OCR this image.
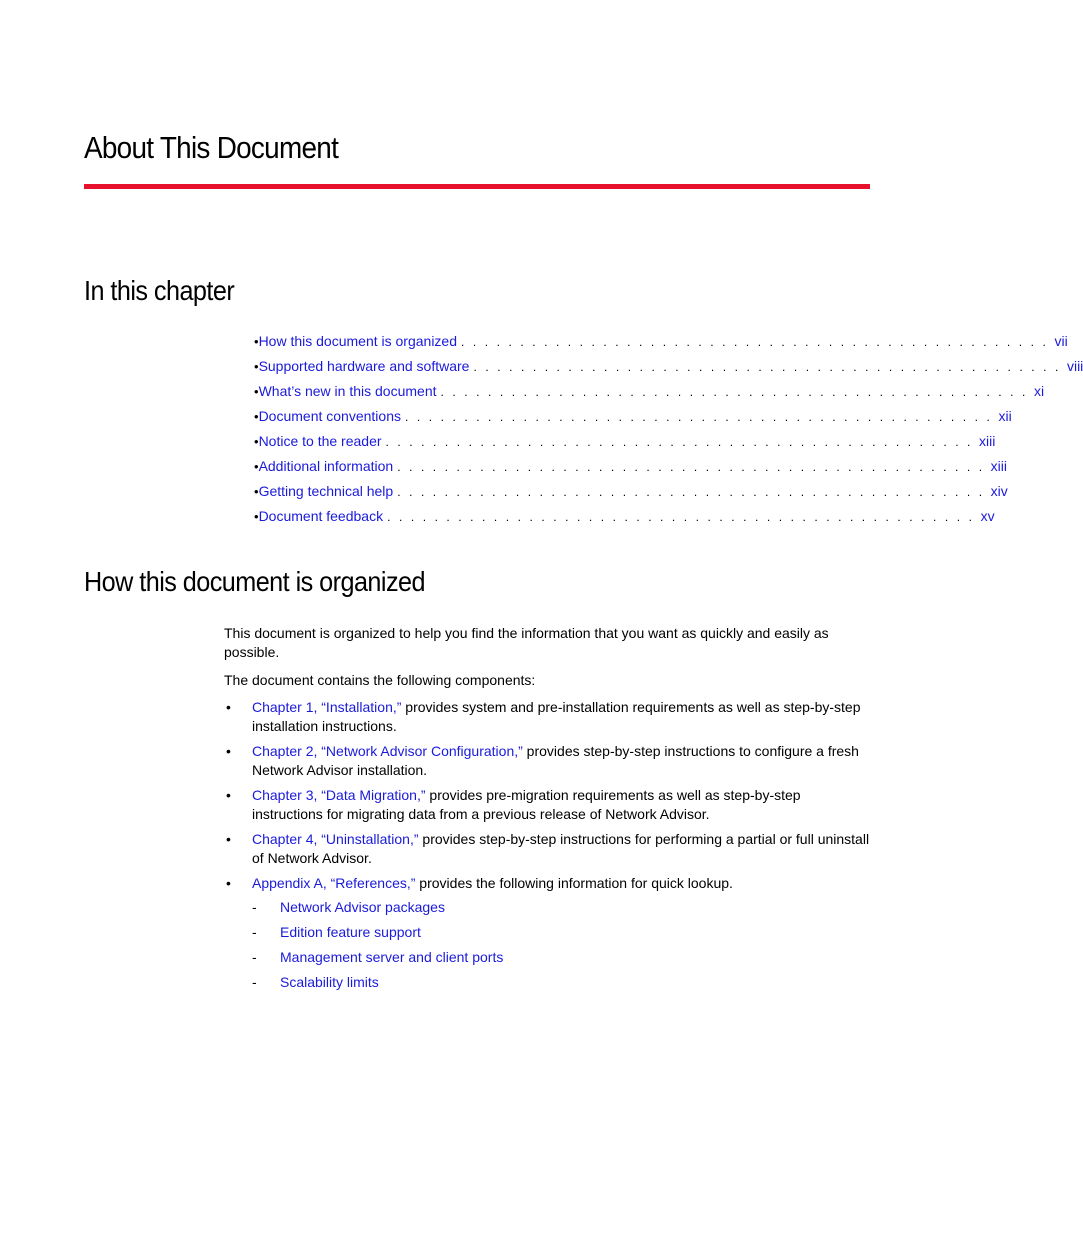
About This Document
In this chapter
• How this document is organized . . . . . . . . . . . . . . . . . . . . . . . . . . . . . . . . . . . . . . . . . . . . . . . . . . vii
• Supported hardware and software . . . . . . . . . . . . . . . . . . . . . . . . . . . . . . . . . . . . . . . . . . . . . . . . . . viii
• What’s new in this document . . . . . . . . . . . . . . . . . . . . . . . . . . . . . . . . . . . . . . . . . . . . . . . . . . xi
• Document conventions . . . . . . . . . . . . . . . . . . . . . . . . . . . . . . . . . . . . . . . . . . . . . . . . . . xii
• Notice to the reader . . . . . . . . . . . . . . . . . . . . . . . . . . . . . . . . . . . . . . . . . . . . . . . . . . xiii
• Additional information . . . . . . . . . . . . . . . . . . . . . . . . . . . . . . . . . . . . . . . . . . . . . . . . . . xiii
• Getting technical help . . . . . . . . . . . . . . . . . . . . . . . . . . . . . . . . . . . . . . . . . . . . . . . . . . xiv
• Document feedback . . . . . . . . . . . . . . . . . . . . . . . . . . . . . . . . . . . . . . . . . . . . . . . . . . xv
How this document is organized

This document is organized to help you find the information that you want as quickly and easily as possible.

The document contains the following components:

• Chapter 1, “Installation,” provides system and pre-installation requirements as well as step-by-step installation instructions.
• Chapter 2, “Network Advisor Configuration,” provides step-by-step instructions to configure a fresh Network Advisor installation.
• Chapter 3, “Data Migration,” provides pre-migration requirements as well as step-by-step instructions for migrating data from a previous release of Network Advisor.
• Chapter 4, “Uninstallation,” provides step-by-step instructions for performing a partial or full uninstall of Network Advisor.
• Appendix A, “References,” provides the following information for quick lookup.
- Network Advisor packages
- Edition feature support
- Management server and client ports
- Scalability limits
